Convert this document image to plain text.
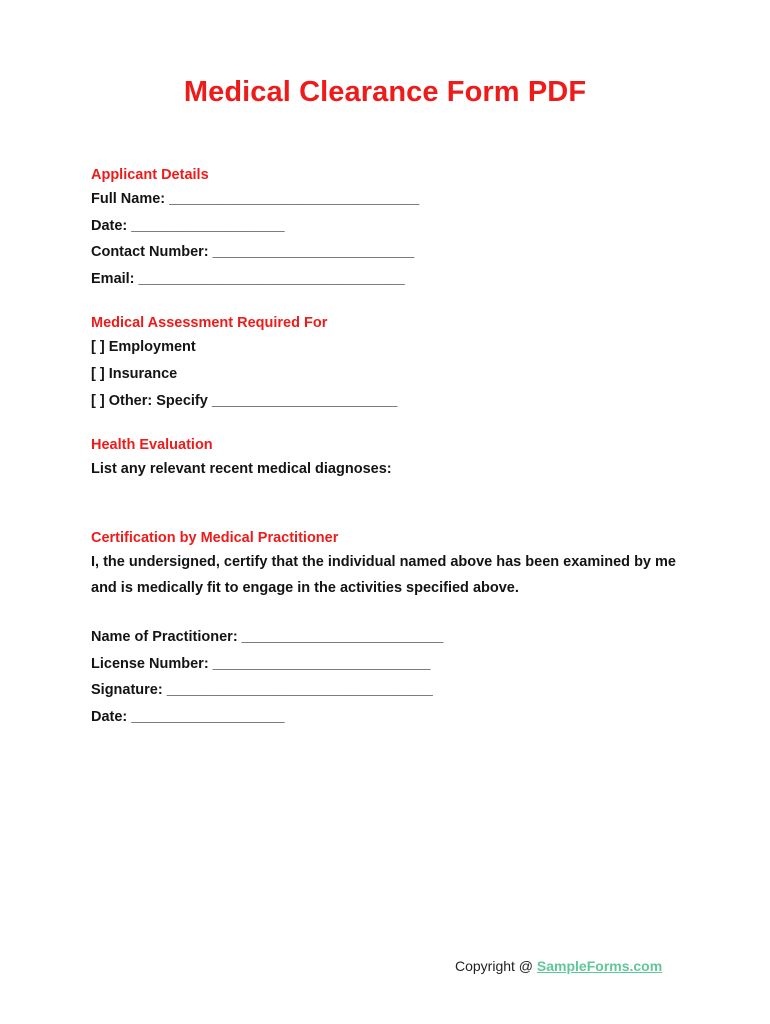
Medical Clearance Form PDF
Applicant Details
Full Name: _______________________________
Date: ___________________
Contact Number: _________________________
Email: _________________________________
Medical Assessment Required For
[ ] Employment
[ ] Insurance
[ ] Other: Specify _______________________
Health Evaluation
List any relevant recent medical diagnoses:
Certification by Medical Practitioner
I, the undersigned, certify that the individual named above has been examined by me and is medically fit to engage in the activities specified above.
Name of Practitioner: _________________________
License Number: ___________________________
Signature: _________________________________
Date: ___________________
Copyright @ SampleForms.com
